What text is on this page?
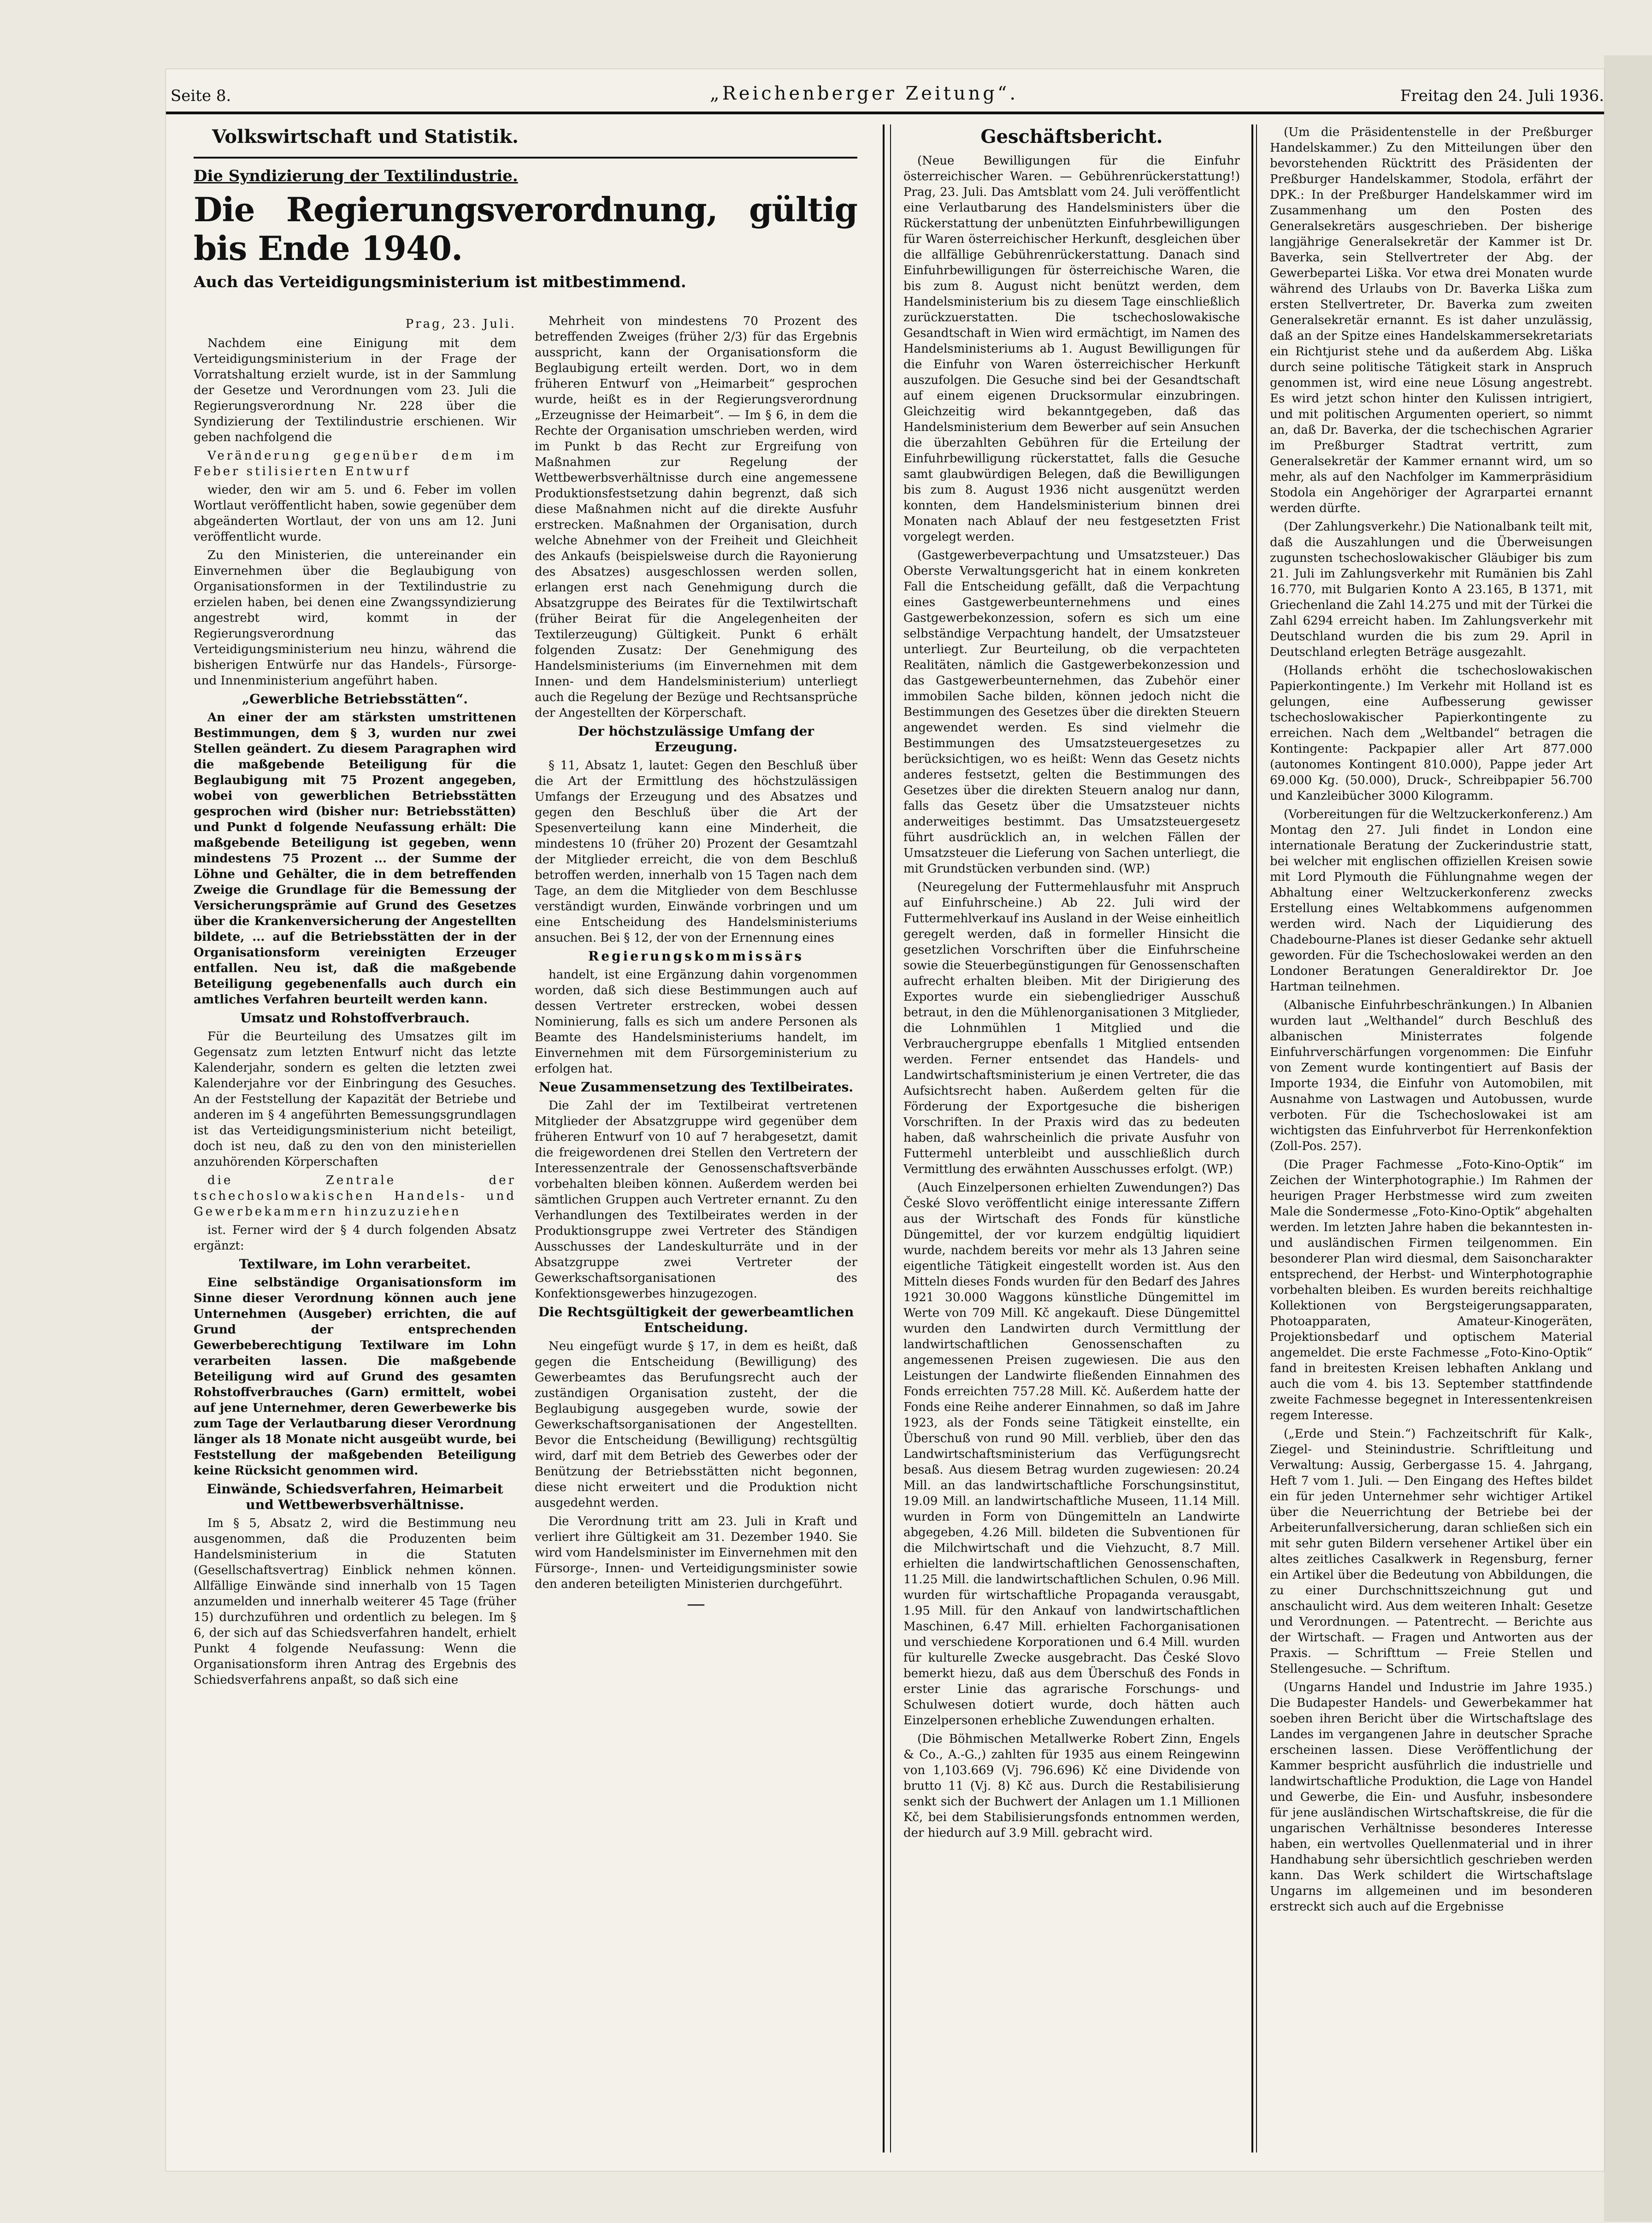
Seite 8.	„Reichenberger Zeitung“.	Freitag den 24. Juli 1936.
Volkswirtschaft und Statistik.
Die Syndizierung der Textilindustrie.
Die Regierungsverordnung, gültig bis Ende 1940.
Auch das Verteidigungsministerium ist mitbestimmend.
Prag, 23. Juli.

Nachdem eine Einigung mit dem Verteidigungsministerium in der Frage der Vorratshaltung erzielt wurde, ist in der Sammlung der Gesetze und Verordnungen vom 23. Juli die Regierungsverordnung Nr. 228 über die Syndizierung der Textilindustrie erschienen. Wir geben nachfolgend die

Veränderung gegenüber dem im Feber stilisierten Entwurf

wieder, den wir am 5. und 6. Feber im vollen Wortlaut veröffentlicht haben, sowie gegenüber dem abgeänderten Wortlaut, der von uns am 12. Juni veröffentlicht wurde.

Zu den Ministerien, die untereinander ein Einvernehmen über die Beglaubigung von Organisationsformen in der Textilindustrie zu erzielen haben, bei denen eine Zwangssyndizierung angestrebt wird, kommt in der Regierungsverordnung das Verteidigungsministerium neu hinzu, während die bisherigen Entwürfe nur das Handels-, Fürsorge- und Innenministerium angeführt haben.

„Gewerbliche Betriebsstätten“.

An einer der am stärksten umstrittenen Bestimmungen, dem § 3, wurden nur zwei Stellen geändert. Zu diesem Paragraphen wird die maßgebende Beteiligung für die Beglaubigung mit 75 Prozent angegeben, wobei von gewerblichen Betriebsstätten gesprochen wird (bisher nur: Betriebsstätten) und Punkt d folgende Neufassung erhält: Die maßgebende Beteiligung ist gegeben, wenn mindestens 75 Prozent ... der Summe der Löhne und Gehälter, die in dem betreffenden Zweige die Grundlage für die Bemessung der Versicherungsprämie auf Grund des Gesetzes über die Krankenversicherung der Angestellten bildete, ... auf die Betriebsstätten der in der Organisationsform vereinigten Erzeuger entfallen. Neu ist, daß die maßgebende Beteiligung gegebenenfalls auch durch ein amtliches Verfahren beurteilt werden kann.

Umsatz und Rohstoffverbrauch.

Für die Beurteilung des Umsatzes gilt im Gegensatz zum letzten Entwurf nicht das letzte Kalenderjahr, sondern es gelten die letzten zwei Kalenderjahre vor der Einbringung des Gesuches. An der Feststellung der Kapazität der Betriebe und anderen im § 4 angeführten Bemessungsgrundlagen ist das Verteidigungsministerium nicht beteiligt, doch ist neu, daß zu den von den ministeriellen anzuhörenden Körperschaften

die Zentrale der tschechoslowakischen Handels- und Gewerbekammern hinzuzuziehen

ist. Ferner wird der § 4 durch folgenden Absatz ergänzt:

Textilware, im Lohn verarbeitet.

Eine selbständige Organisationsform im Sinne dieser Verordnung können auch jene Unternehmen (Ausgeber) errichten, die auf Grund der entsprechenden Gewerbeberechtigung Textilware im Lohn verarbeiten lassen. Die maßgebende Beteiligung wird auf Grund des gesamten Rohstoffverbrauches (Garn) ermittelt, wobei auf jene Unternehmer, deren Gewerbewerke bis zum Tage der Verlautbarung dieser Verordnung länger als 18 Monate nicht ausgeübt wurde, bei Feststellung der maßgebenden Beteiligung keine Rücksicht genommen wird.

Einwände, Schiedsverfahren, Heimarbeit und Wettbewerbsverhältnisse.

Im § 5, Absatz 2, wird die Bestimmung neu ausgenommen, daß die Produzenten beim Handelsministerium in die Statuten (Gesellschaftsvertrag) Einblick nehmen können. Allfällige Einwände sind innerhalb von 15 Tagen anzumelden und innerhalb weiterer 45 Tage (früher 15) durchzuführen und ordentlich zu belegen. Im § 6, der sich auf das Schiedsverfahren handelt, erhielt Punkt 4 folgende Neufassung: Wenn die Organisationsform ihren Antrag des Ergebnis des Schiedsverfahrens anpaßt, so daß sich eine

Mehrheit von mindestens 70 Prozent des betreffenden Zweiges (früher 2/3) für das Ergebnis ausspricht, kann der Organisationsform die Beglaubigung erteilt werden. Dort, wo in dem früheren Entwurf von „Heimarbeit“ gesprochen wurde, heißt es in der Regierungsverordnung „Erzeugnisse der Heimarbeit“. — Im § 6, in dem die Rechte der Organisation umschrieben werden, wird im Punkt b das Recht zur Ergreifung von Maßnahmen zur Regelung der Wettbewerbsverhältnisse durch eine angemessene Produktionsfestsetzung dahin begrenzt, daß sich diese Maßnahmen nicht auf die direkte Ausfuhr erstrecken. Maßnahmen der Organisation, durch welche Abnehmer von der Freiheit und Gleichheit des Ankaufs (beispielsweise durch die Rayonierung des Absatzes) ausgeschlossen werden sollen, erlangen erst nach Genehmigung durch die Absatzgruppe des Beirates für die Textilwirtschaft (früher Beirat für die Angelegenheiten der Textilerzeugung) Gültigkeit. Punkt 6 erhält folgenden Zusatz: Der Genehmigung des Handelsministeriums (im Einvernehmen mit dem Innen- und dem Handelsministerium) unterliegt auch die Regelung der Bezüge und Rechtsansprüche der Angestellten der Körperschaft.

Der höchstzulässige Umfang der Erzeugung.

§ 11, Absatz 1, lautet: Gegen den Beschluß über die Art der Ermittlung des höchstzulässigen Umfangs der Erzeugung und des Absatzes und gegen den Beschluß über die Art der Spesenverteilung kann eine Minderheit, die mindestens 10 (früher 20) Prozent der Gesamtzahl der Mitglieder erreicht, die von dem Beschluß betroffen werden, innerhalb von 15 Tagen nach dem Tage, an dem die Mitglieder von dem Beschlusse verständigt wurden, Einwände vorbringen und um eine Entscheidung des Handelsministeriums ansuchen. Bei § 12, der von der Ernennung eines

Regierungskommissärs

handelt, ist eine Ergänzung dahin vorgenommen worden, daß sich diese Bestimmungen auch auf dessen Vertreter erstrecken, wobei dessen Nominierung, falls es sich um andere Personen als Beamte des Handelsministeriums handelt, im Einvernehmen mit dem Fürsorgeministerium zu erfolgen hat.

Neue Zusammensetzung des Textilbeirates.

Die Zahl der im Textilbeirat vertretenen Mitglieder der Absatzgruppe wird gegenüber dem früheren Entwurf von 10 auf 7 herabgesetzt, damit die freigewordenen drei Stellen den Vertretern der Interessenzentrale der Genossenschaftsverbände vorbehalten bleiben können. Außerdem werden bei sämtlichen Gruppen auch Vertreter ernannt. Zu den Verhandlungen des Textilbeirates werden in der Produktionsgruppe zwei Vertreter des Ständigen Ausschusses der Landeskulturräte und in der Absatzgruppe zwei Vertreter der Gewerkschaftsorganisationen des Konfektionsgewerbes hinzugezogen.

Die Rechtsgültigkeit der gewerbeamtlichen Entscheidung.

Neu eingefügt wurde § 17, in dem es heißt, daß gegen die Entscheidung (Bewilligung) des Gewerbeamtes das Berufungsrecht auch der zuständigen Organisation zusteht, der die Beglaubigung ausgegeben wurde, sowie der Gewerkschaftsorganisationen der Angestellten. Bevor die Entscheidung (Bewilligung) rechtsgültig wird, darf mit dem Betrieb des Gewerbes oder der Benützung der Betriebsstätten nicht begonnen, diese nicht erweitert und die Produktion nicht ausgedehnt werden.

Die Verordnung tritt am 23. Juli in Kraft und verliert ihre Gültigkeit am 31. Dezember 1940. Sie wird vom Handelsminister im Einvernehmen mit den Fürsorge-, Innen- und Verteidigungsminister sowie den anderen beteiligten Ministerien durchgeführt.

—
Geschäftsbericht.

(Neue Bewilligungen für die Einfuhr österreichischer Waren. — Gebührenrückerstattung!) Prag, 23. Juli. Das Amtsblatt vom 24. Juli veröffentlicht eine Verlautbarung des Handelsministers über die Rückerstattung der unbenützten Einfuhrbewilligungen für Waren österreichischer Herkunft, desgleichen über die allfällige Gebührenrückerstattung. Danach sind Einfuhrbewilligungen für österreichische Waren, die bis zum 8. August nicht benützt werden, dem Handelsministerium bis zu diesem Tage einschließlich zurückzuerstatten. Die tschechoslowakische Gesandtschaft in Wien wird ermächtigt, im Namen des Handelsministeriums ab 1. August Bewilligungen für die Einfuhr von Waren österreichischer Herkunft auszufolgen. Die Gesuche sind bei der Gesandtschaft auf einem eigenen Drucksormular einzubringen. Gleichzeitig wird bekanntgegeben, daß das Handelsministerium dem Bewerber auf sein Ansuchen die überzahlten Gebühren für die Erteilung der Einfuhrbewilligung rückerstattet, falls die Gesuche samt glaubwürdigen Belegen, daß die Bewilligungen bis zum 8. August 1936 nicht ausgenützt werden konnten, dem Handelsministerium binnen drei Monaten nach Ablauf der neu festgesetzten Frist vorgelegt werden.

(Gastgewerbeverpachtung und Umsatzsteuer.) Das Oberste Verwaltungsgericht hat in einem konkreten Fall die Entscheidung gefällt, daß die Verpachtung eines Gastgewerbeunternehmens und eines Gastgewerbekonzession, sofern es sich um eine selbständige Verpachtung handelt, der Umsatzsteuer unterliegt. Zur Beurteilung, ob die verpachteten Realitäten, nämlich die Gastgewerbekonzession und das Gastgewerbeunternehmen, das Zubehör einer immobilen Sache bilden, können jedoch nicht die Bestimmungen des Gesetzes über die direkten Steuern angewendet werden. Es sind vielmehr die Bestimmungen des Umsatzsteuergesetzes zu berücksichtigen, wo es heißt: Wenn das Gesetz nichts anderes festsetzt, gelten die Bestimmungen des Gesetzes über die direkten Steuern analog nur dann, falls das Gesetz über die Umsatzsteuer nichts anderweitiges bestimmt. Das Umsatzsteuergesetz führt ausdrücklich an, in welchen Fällen der Umsatzsteuer die Lieferung von Sachen unterliegt, die mit Grundstücken verbunden sind. (WP.)

(Neuregelung der Futtermehlausfuhr mit Anspruch auf Einfuhrscheine.) Ab 22. Juli wird der Futtermehlverkauf ins Ausland in der Weise einheitlich geregelt werden, daß in formeller Hinsicht die gesetzlichen Vorschriften über die Einfuhrscheine sowie die Steuerbegünstigungen für Genossenschaften aufrecht erhalten bleiben. Mit der Dirigierung des Exportes wurde ein siebengliedriger Ausschuß betraut, in den die Mühlenorganisationen 3 Mitglieder, die Lohnmühlen 1 Mitglied und die Verbrauchergruppe ebenfalls 1 Mitglied entsenden werden. Ferner entsendet das Handels- und Landwirtschaftsministerium je einen Vertreter, die das Aufsichtsrecht haben. Außerdem gelten für die Förderung der Exportgesuche die bisherigen Vorschriften. In der Praxis wird das zu bedeuten haben, daß wahrscheinlich die private Ausfuhr von Futtermehl unterbleibt und ausschließlich durch Vermittlung des erwähnten Ausschusses erfolgt. (WP.)

(Auch Einzelpersonen erhielten Zuwendungen?) Das České Slovo veröffentlicht einige interessante Ziffern aus der Wirtschaft des Fonds für künstliche Düngemittel, der vor kurzem endgültig liquidiert wurde, nachdem bereits vor mehr als 13 Jahren seine eigentliche Tätigkeit eingestellt worden ist. Aus den Mitteln dieses Fonds wurden für den Bedarf des Jahres 1921 30.000 Waggons künstliche Düngemittel im Werte von 709 Mill. Kč angekauft. Diese Düngemittel wurden den Landwirten durch Vermittlung der landwirtschaftlichen Genossenschaften zu angemessenen Preisen zugewiesen. Die aus den Leistungen der Landwirte fließenden Einnahmen des Fonds erreichten 757.28 Mill. Kč. Außerdem hatte der Fonds eine Reihe anderer Einnahmen, so daß im Jahre 1923, als der Fonds seine Tätigkeit einstellte, ein Überschuß von rund 90 Mill. verblieb, über den das Landwirtschaftsministerium das Verfügungsrecht besaß. Aus diesem Betrag wurden zugewiesen: 20.24 Mill. an das landwirtschaftliche Forschungsinstitut, 19.09 Mill. an landwirtschaftliche Museen, 11.14 Mill. wurden in Form von Düngemitteln an Landwirte abgegeben, 4.26 Mill. bildeten die Subventionen für die Milchwirtschaft und die Viehzucht, 8.7 Mill. erhielten die landwirtschaftlichen Genossenschaften, 11.25 Mill. die landwirtschaftlichen Schulen, 0.96 Mill. wurden für wirtschaftliche Propaganda verausgabt, 1.95 Mill. für den Ankauf von landwirtschaftlichen Maschinen, 6.47 Mill. erhielten Fachorganisationen und verschiedene Korporationen und 6.4 Mill. wurden für kulturelle Zwecke ausgebracht. Das České Slovo bemerkt hiezu, daß aus dem Überschuß des Fonds in erster Linie das agrarische Forschungs- und Schulwesen dotiert wurde, doch hätten auch Einzelpersonen erhebliche Zuwendungen erhalten.

(Die Böhmischen Metallwerke Robert Zinn, Engels & Co., A.-G.,) zahlten für 1935 aus einem Reingewinn von 1,103.669 (Vj. 796.696) Kč eine Dividende von brutto 11 (Vj. 8) Kč aus. Durch die Restabilisierung senkt sich der Buchwert der Anlagen um 1.1 Millionen Kč, bei dem Stabilisierungsfonds entnommen werden, der hiedurch auf 3.9 Mill. gebracht wird.

(Um die Präsidentenstelle in der Preßburger Handelskammer.) Zu den Mitteilungen über den bevorstehenden Rücktritt des Präsidenten der Preßburger Handelskammer, Stodola, erfährt der DPK.: In der Preßburger Handelskammer wird im Zusammenhang um den Posten des Generalsekretärs ausgeschrieben. Der bisherige langjährige Generalsekretär der Kammer ist Dr. Baverka, sein Stellvertreter der Abg. der Gewerbepartei Liška. Vor etwa drei Monaten wurde während des Urlaubs von Dr. Baverka Liška zum ersten Stellvertreter, Dr. Baverka zum zweiten Generalsekretär ernannt. Es ist daher unzulässig, daß an der Spitze eines Handelskammersekretariats ein Richtjurist stehe und da außerdem Abg. Liška durch seine politische Tätigkeit stark in Anspruch genommen ist, wird eine neue Lösung angestrebt. Es wird jetzt schon hinter den Kulissen intrigiert, und mit politischen Argumenten operiert, so nimmt an, daß Dr. Baverka, der die tschechischen Agrarier im Preßburger Stadtrat vertritt, zum Generalsekretär der Kammer ernannt wird, um so mehr, als auf den Nachfolger im Kammerpräsidium Stodola ein Angehöriger der Agrarpartei ernannt werden dürfte.

(Der Zahlungsverkehr.) Die Nationalbank teilt mit, daß die Auszahlungen und die Überweisungen zugunsten tschechoslowakischer Gläubiger bis zum 21. Juli im Zahlungsverkehr mit Rumänien bis Zahl 16.770, mit Bulgarien Konto A 23.165, B 1371, mit Griechenland die Zahl 14.275 und mit der Türkei die Zahl 6294 erreicht haben. Im Zahlungsverkehr mit Deutschland wurden die bis zum 29. April in Deutschland erlegten Beträge ausgezahlt.

(Hollands erhöht die tschechoslowakischen Papierkontingente.) Im Verkehr mit Holland ist es gelungen, eine Aufbesserung gewisser tschechoslowakischer Papierkontingente zu erreichen. Nach dem „Weltbandel“ betragen die Kontingente: Packpapier aller Art 877.000 (autonomes Kontingent 810.000), Pappe jeder Art 69.000 Kg. (50.000), Druck-, Schreibpapier 56.700 und Kanzleibücher 3000 Kilogramm.

(Vorbereitungen für die Weltzuckerkonferenz.) Am Montag den 27. Juli findet in London eine internationale Beratung der Zuckerindustrie statt, bei welcher mit englischen offiziellen Kreisen sowie mit Lord Plymouth die Fühlungnahme wegen der Abhaltung einer Weltzuckerkonferenz zwecks Erstellung eines Weltabkommens aufgenommen werden wird. Nach der Liquidierung des Chadebourne-Planes ist dieser Gedanke sehr aktuell geworden. Für die Tschechoslowakei werden an den Londoner Beratungen Generaldirektor Dr. Joe Hartman teilnehmen.

(Albanische Einfuhrbeschränkungen.) In Albanien wurden laut „Welthandel“ durch Beschluß des albanischen Ministerrates folgende Einfuhrverschärfungen vorgenommen: Die Einfuhr von Zement wurde kontingentiert auf Basis der Importe 1934, die Einfuhr von Automobilen, mit Ausnahme von Lastwagen und Autobussen, wurde verboten. Für die Tschechoslowakei ist am wichtigsten das Einfuhrverbot für Herrenkonfektion (Zoll-Pos. 257).

(Die Prager Fachmesse „Foto-Kino-Optik“ im Zeichen der Winterphotographie.) Im Rahmen der heurigen Prager Herbstmesse wird zum zweiten Male die Sondermesse „Foto-Kino-Optik“ abgehalten werden. Im letzten Jahre haben die bekanntesten in- und ausländischen Firmen teilgenommen. Ein besonderer Plan wird diesmal, dem Saisoncharakter entsprechend, der Herbst- und Winterphotographie vorbehalten bleiben. Es wurden bereits reichhaltige Kollektionen von Bergsteigerungsapparaten, Photoapparaten, Amateur-Kinogeräten, Projektionsbedarf und optischem Material angemeldet. Die erste Fachmesse „Foto-Kino-Optik“ fand in breitesten Kreisen lebhaften Anklang und auch die vom 4. bis 13. September stattfindende zweite Fachmesse begegnet in Interessentenkreisen regem Interesse.

(„Erde und Stein.“) Fachzeitschrift für Kalk-, Ziegel- und Steinindustrie. Schriftleitung und Verwaltung: Aussig, Gerbergasse 15. 4. Jahrgang, Heft 7 vom 1. Juli. — Den Eingang des Heftes bildet ein für jeden Unternehmer sehr wichtiger Artikel über die Neuerrichtung der Betriebe bei der Arbeiterunfallversicherung, daran schließen sich ein mit sehr guten Bildern versehener Artikel über ein altes zeitliches Casalkwerk in Regensburg, ferner ein Artikel über die Bedeutung von Abbildungen, die zu einer Durchschnittszeichnung gut und anschaulicht wird. Aus dem weiteren Inhalt: Gesetze und Verordnungen. — Patentrecht. — Berichte aus der Wirtschaft. — Fragen und Antworten aus der Praxis. — Schrifttum — Freie Stellen und Stellengesuche. — Schriftum.

(Ungarns Handel und Industrie im Jahre 1935.) Die Budapester Handels- und Gewerbekammer hat soeben ihren Bericht über die Wirtschaftslage des Landes im vergangenen Jahre in deutscher Sprache erscheinen lassen. Diese Veröffentlichung der Kammer bespricht ausführlich die industrielle und landwirtschaftliche Produktion, die Lage von Handel und Gewerbe, die Ein- und Ausfuhr, insbesondere für jene ausländischen Wirtschaftskreise, die für die ungarischen Verhältnisse besonderes Interesse haben, ein wertvolles Quellenmaterial und in ihrer Handhabung sehr übersichtlich geschrieben werden kann. Das Werk schildert die Wirtschaftslage Ungarns im allgemeinen und im besonderen erstreckt sich auch auf die Ergebnisse
